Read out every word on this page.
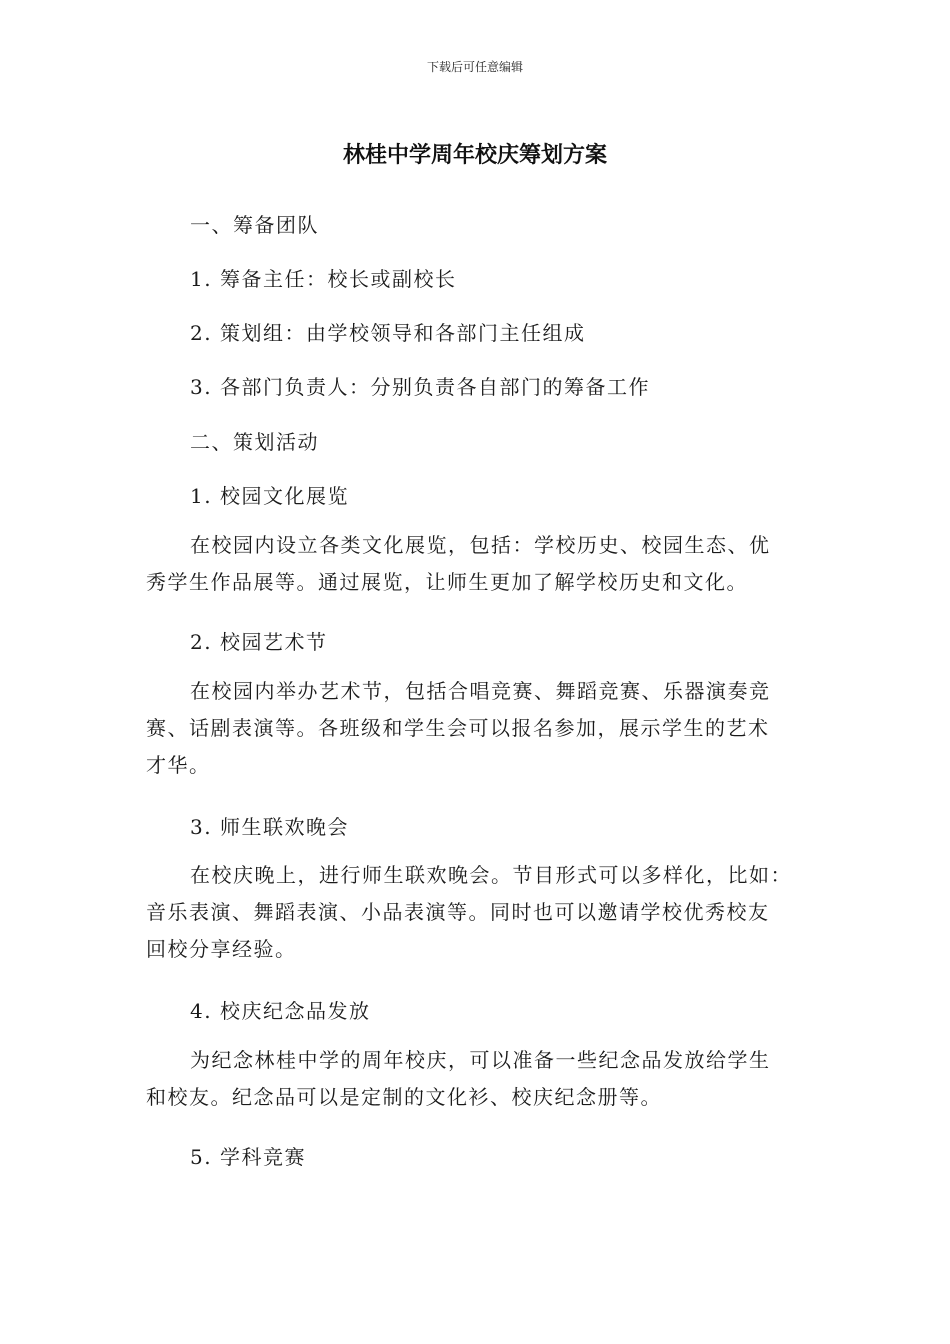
下载后可任意编辑
林桂中学周年校庆筹划方案
一、筹备团队
1. 筹备主任：校长或副校长
2. 策划组：由学校领导和各部门主任组成
3. 各部门负责人：分别负责各自部门的筹备工作
二、策划活动
1. 校园文化展览
在校园内设立各类文化展览，包括：学校历史、校园生态、优
秀学生作品展等。通过展览，让师生更加了解学校历史和文化。
2. 校园艺术节
在校园内举办艺术节，包括合唱竞赛、舞蹈竞赛、乐器演奏竞
赛、话剧表演等。各班级和学生会可以报名参加，展示学生的艺术
才华。
3. 师生联欢晚会
在校庆晚上，进行师生联欢晚会。节目形式可以多样化，比如：
音乐表演、舞蹈表演、小品表演等。同时也可以邀请学校优秀校友
回校分享经验。
4. 校庆纪念品发放
为纪念林桂中学的周年校庆，可以准备一些纪念品发放给学生
和校友。纪念品可以是定制的文化衫、校庆纪念册等。
5. 学科竞赛
